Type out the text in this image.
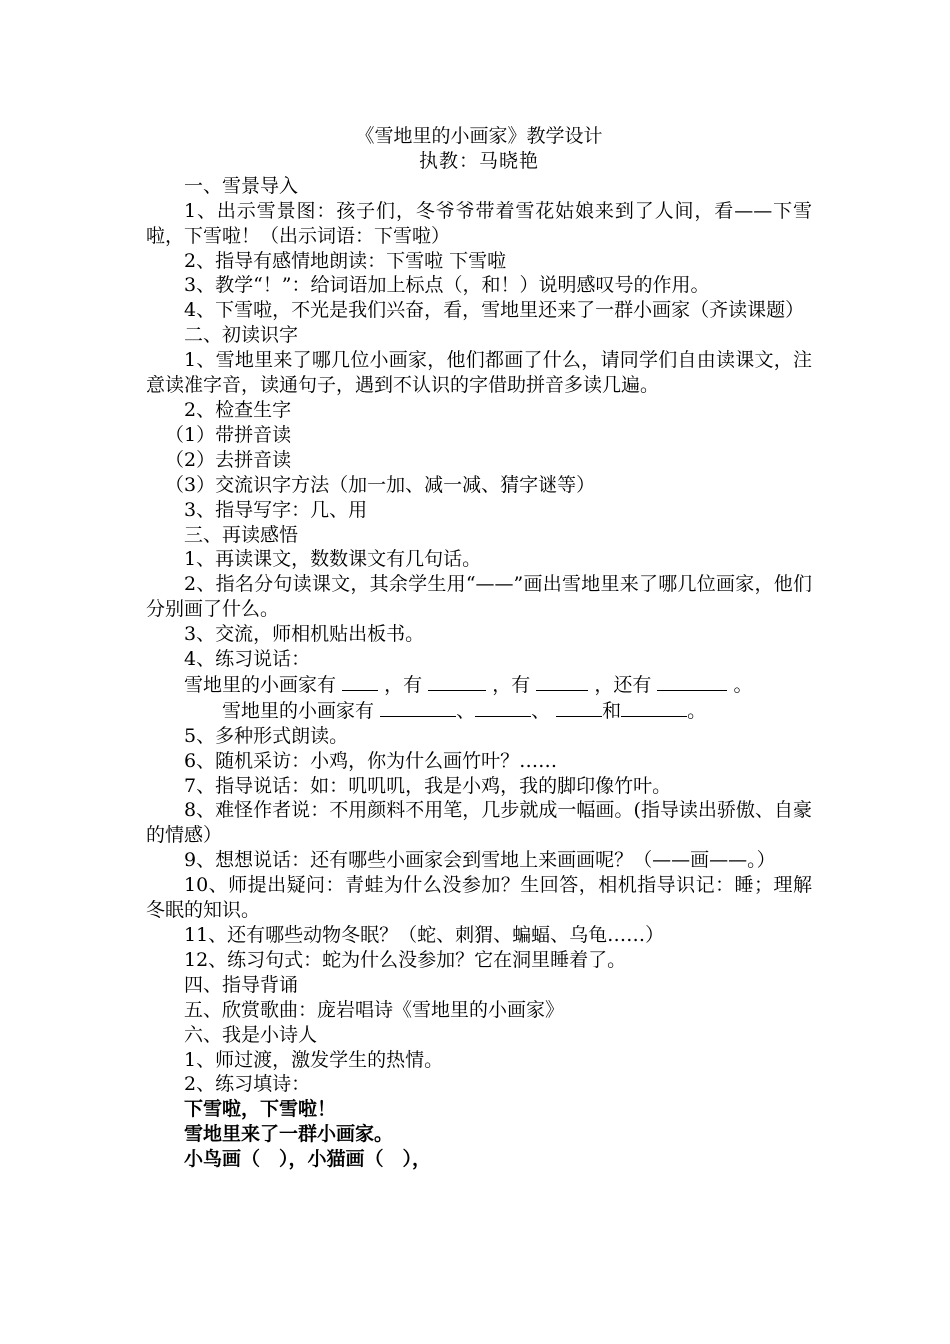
《雪地里的小画家》教学设计

执教：马晓艳

一、雪景导入

1、出示雪景图：孩子们，冬爷爷带着雪花姑娘来到了人间，看——下雪啦，下雪啦！（出示词语：下雪啦）

2、指导有感情地朗读：下雪啦 下雪啦

3、教学“！”：给词语加上标点（，和！）说明感叹号的作用。

4、下雪啦，不光是我们兴奋，看，雪地里还来了一群小画家（齐读课题）

二、初读识字

1、雪地里来了哪几位小画家，他们都画了什么，请同学们自由读课文，注意读准字音，读通句子，遇到不认识的字借助拼音多读几遍。

2、检查生字

（1）带拼音读

（2）去拼音读

（3）交流识字方法（加一加、减一减、猜字谜等）

3、指导写字：几、用

三、再读感悟

1、再读课文，数数课文有几句话。

2、指名分句读课文，其余学生用“——”画出雪地里来了哪几位画家，他们分别画了什么。

3、交流，师相机贴出板书。

4、练习说话：

雪地里的小画家有	，有	，有	，还有	。

雪地里的小画家有	、	、	和	。

5、多种形式朗读。

6、随机采访：小鸡，你为什么画竹叶？……

7、指导说话：如：叽叽叽，我是小鸡，我的脚印像竹叶。

8、难怪作者说：不用颜料不用笔，几步就成一幅画。(指导读出骄傲、自豪的情感）

9、想想说话：还有哪些小画家会到雪地上来画画呢？（——画——。）

10、师提出疑问：青蛙为什么没参加？生回答，相机指导识记：睡；理解冬眠的知识。

11、还有哪些动物冬眠？（蛇、刺猬、蝙蝠、乌龟……）

12、练习句式：蛇为什么没参加？它在洞里睡着了。

四、指导背诵

五、欣赏歌曲：庞岩唱诗《雪地里的小画家》

六、我是小诗人

1、师过渡，激发学生的热情。

2、练习填诗：

下雪啦，下雪啦！

雪地里来了一群小画家。

小鸟画（　），小猫画（　），
